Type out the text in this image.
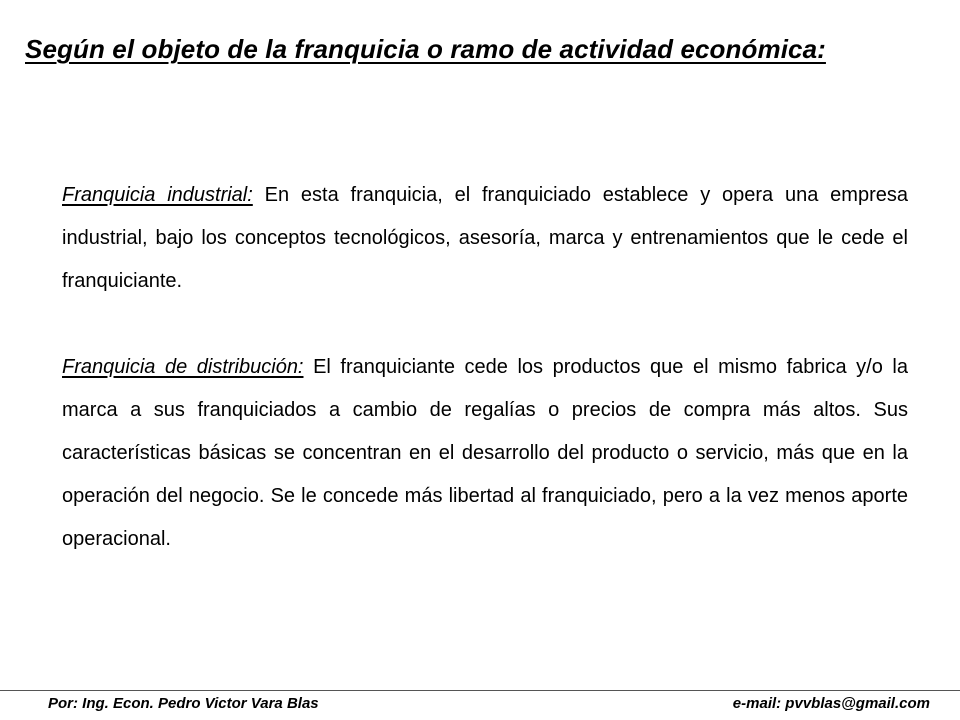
Según el objeto de la franquicia o ramo de actividad económica:

Franquicia industrial: En esta franquicia, el franquiciado establece y opera una empresa industrial, bajo los conceptos tecnológicos, asesoría, marca y entrenamientos que le cede el franquiciante.

Franquicia de distribución: El franquiciante cede los productos que el mismo fabrica y/o la marca a sus franquiciados a cambio de regalías o precios de compra más altos. Sus características básicas se concentran en el desarrollo del producto o servicio, más que en la operación del negocio. Se le concede más libertad al franquiciado, pero a la vez menos aporte operacional.

Por: Ing. Econ. Pedro Victor Vara Blas	e-mail: pvvblas@gmail.com
